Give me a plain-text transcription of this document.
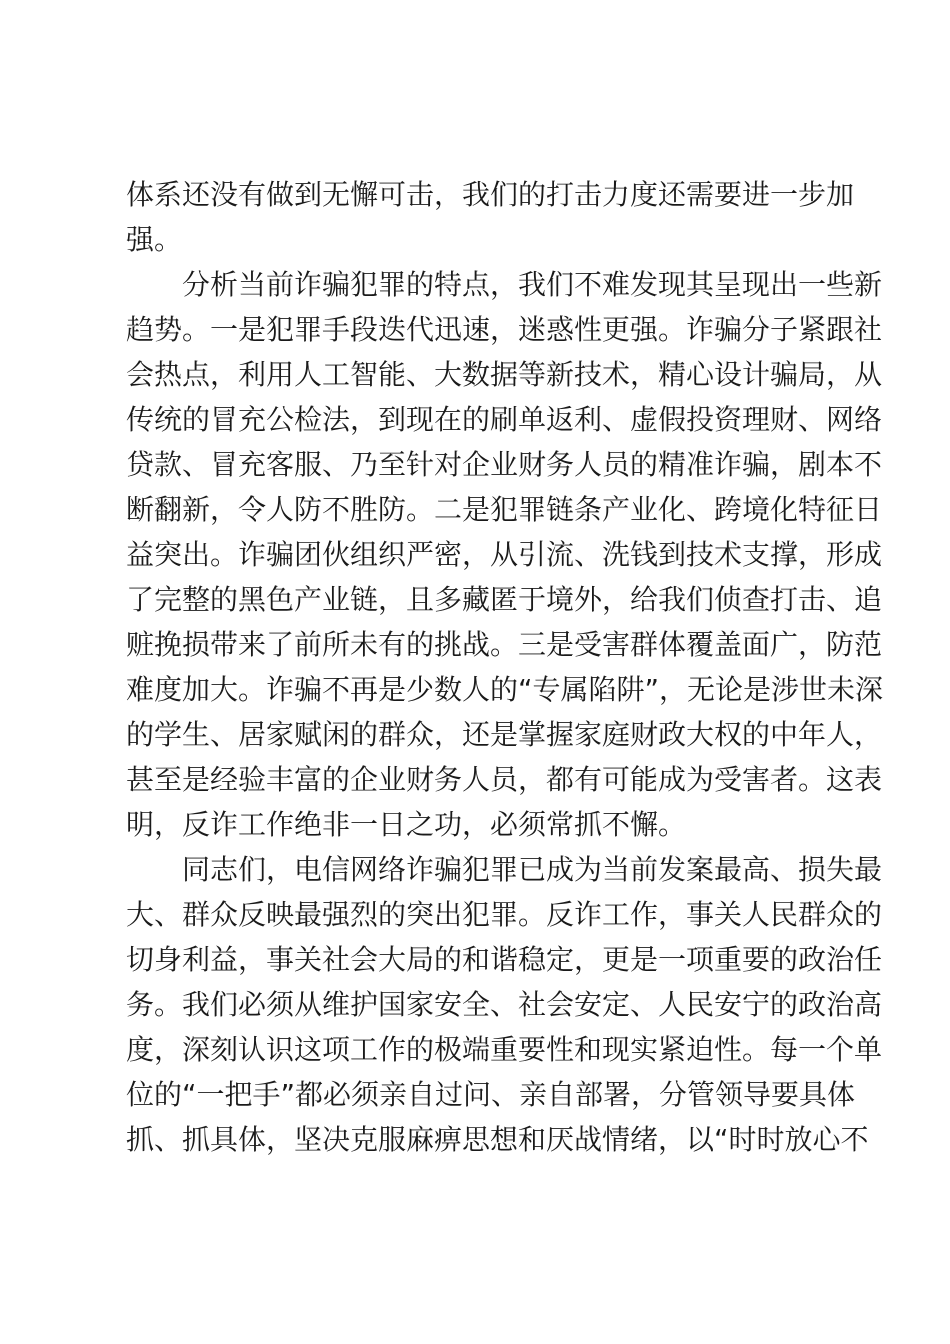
体系还没有做到无懈可击，我们的打击力度还需要进一步加
强。
分析当前诈骗犯罪的特点，我们不难发现其呈现出一些新
趋势。一是犯罪手段迭代迅速，迷惑性更强。诈骗分子紧跟社
会热点，利用人工智能、大数据等新技术，精心设计骗局，从
传统的冒充公检法，到现在的刷单返利、虚假投资理财、网络
贷款、冒充客服、乃至针对企业财务人员的精准诈骗，剧本不
断翻新，令人防不胜防。二是犯罪链条产业化、跨境化特征日
益突出。诈骗团伙组织严密，从引流、洗钱到技术支撑，形成
了完整的黑色产业链，且多藏匿于境外，给我们侦查打击、追
赃挽损带来了前所未有的挑战。三是受害群体覆盖面广，防范
难度加大。诈骗不再是少数人的“专属陷阱”，无论是涉世未深
的学生、居家赋闲的群众，还是掌握家庭财政大权的中年人，
甚至是经验丰富的企业财务人员，都有可能成为受害者。这表
明，反诈工作绝非一日之功，必须常抓不懈。
同志们，电信网络诈骗犯罪已成为当前发案最高、损失最
大、群众反映最强烈的突出犯罪。反诈工作，事关人民群众的
切身利益，事关社会大局的和谐稳定，更是一项重要的政治任
务。我们必须从维护国家安全、社会安定、人民安宁的政治高
度，深刻认识这项工作的极端重要性和现实紧迫性。每一个单
位的“一把手”都必须亲自过问、亲自部署，分管领导要具体
抓、抓具体，坚决克服麻痹思想和厌战情绪，以“时时放心不
